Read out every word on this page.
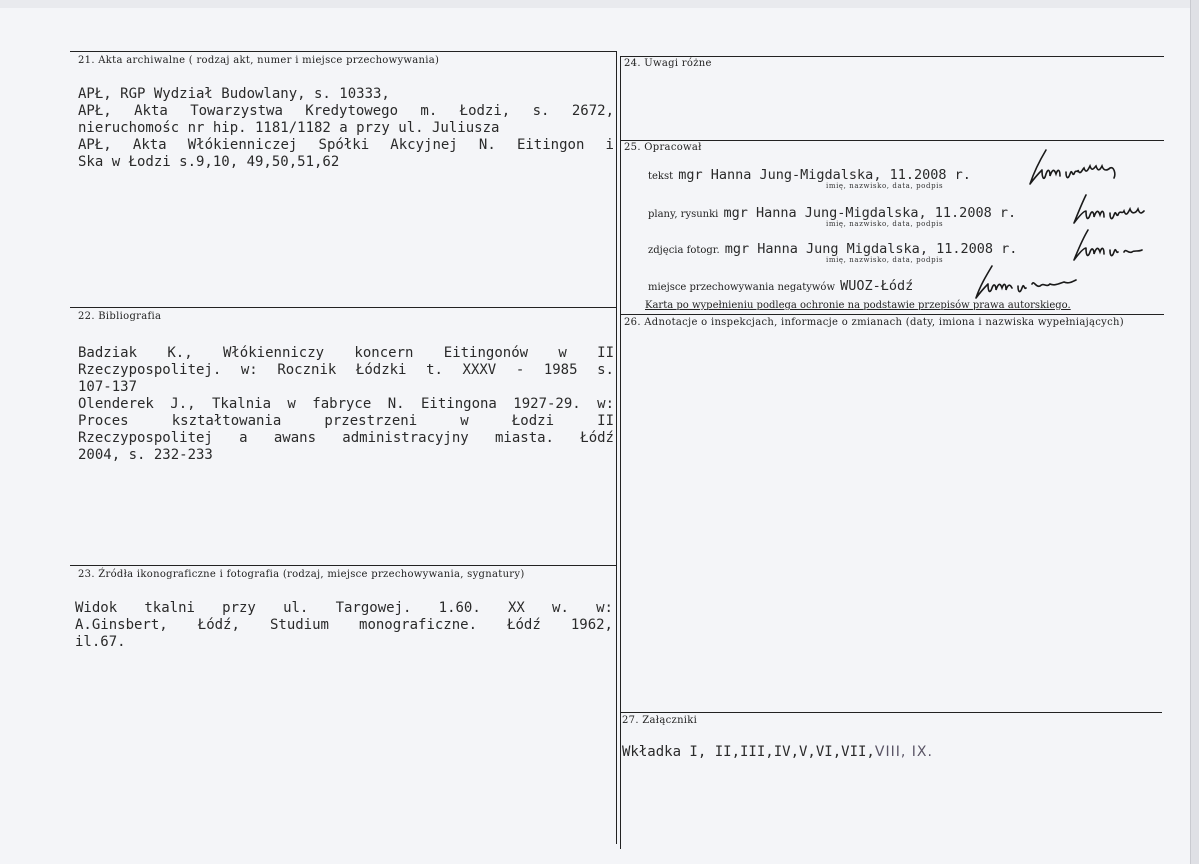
21. Akta archiwalne ( rodzaj akt, numer i miejsce przechowywania)	24. Uwagi różne
25. Opracował
22. Bibliografia
26. Adnotacje o inspekcjach, informacje o zmianach (daty, imiona i nazwiska wypełniających)
23. Źródła ikonograficzne i fotografia (rodzaj, miejsce przechowywania, sygnatury)
27. Załączniki
APŁ, RGP Wydział Budowlany, s. 10333,
APŁ, Akta Towarzystwa Kredytowego m. Łodzi, s. 2672,
nieruchomośc nr hip. 1181/1182 a przy ul. Juliusza
APŁ, Akta Włókienniczej Spółki Akcyjnej N. Eitingon i
Ska w Łodzi s.9,10, 49,50,51,62
Badziak K., Włókienniczy koncern Eitingonów w II
Rzeczypospolitej. w: Rocznik Łódzki t. XXXV - 1985 s.
107-137
Olenderek J., Tkalnia w fabryce N. Eitingona 1927-29. w:
Proces kształtowania przestrzeni w Łodzi II
Rzeczypospolitej a awans administracyjny miasta. Łódź
2004, s. 232-233
Widok tkalni przy ul. Targowej. 1.60. XX w. w:
A.Ginsbert, Łódź, Studium monograficzne. Łódź 1962,
il.67.
tekst mgr Hanna Jung-Migdalska, 11.2008 r.
imię, nazwisko, data, podpis
plany, rysunki mgr Hanna Jung-Migdalska, 11.2008 r.
imię, nazwisko, data, podpis
zdjęcia fotogr. mgr Hanna Jung Migdalska, 11.2008 r.
imię, nazwisko, data, podpis
miejsce przechowywania negatywów WUOZ-Łódź
Karta po wypełnieniu podlega ochronie na podstawie przepisów prawa autorskiego.
Wkładka I, II,III,IV,V,VI,VII,VIII, IX.
